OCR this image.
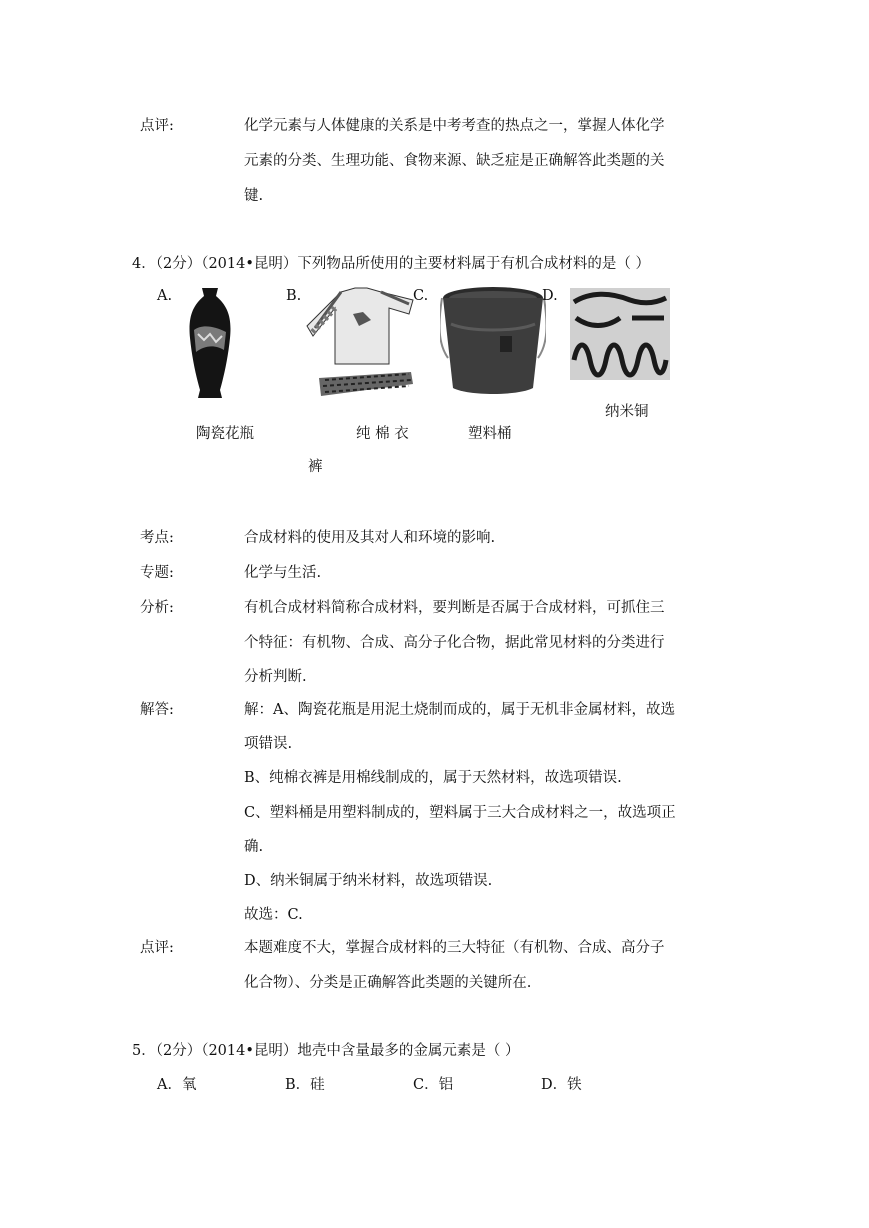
点评:	化学元素与人体健康的关系是中考考查的热点之一，掌握人体化学
元素的分类、生理功能、食物来源、缺乏症是正确解答此类题的关
键.
4．（2分）（2014•昆明）下列物品所使用的主要材料属于有机合成材料的是（ ）
A.
陶瓷花瓶
B.
纯 棉 衣
裤
C.
塑料桶
D.
纳米铜
考点:	合成材料的使用及其对人和环境的影响.
专题:	化学与生活.
分析:	有机合成材料简称合成材料，要判断是否属于合成材料，可抓住三
个特征：有机物、合成、高分子化合物，据此常见材料的分类进行
分析判断.
解答:	解：A、陶瓷花瓶是用泥土烧制而成的，属于无机非金属材料，故选
项错误.
B、纯棉衣裤是用棉线制成的，属于天然材料，故选项错误.
C、塑料桶是用塑料制成的，塑料属于三大合成材料之一，故选项正
确.
D、纳米铜属于纳米材料，故选项错误.
故选：C.
点评:	本题难度不大，掌握合成材料的三大特征（有机物、合成、高分子
化合物）、分类是正确解答此类题的关键所在.
5．（2分）（2014•昆明）地壳中含量最多的金属元素是（ ）
A．氧	B．硅	C．铝	D．铁
